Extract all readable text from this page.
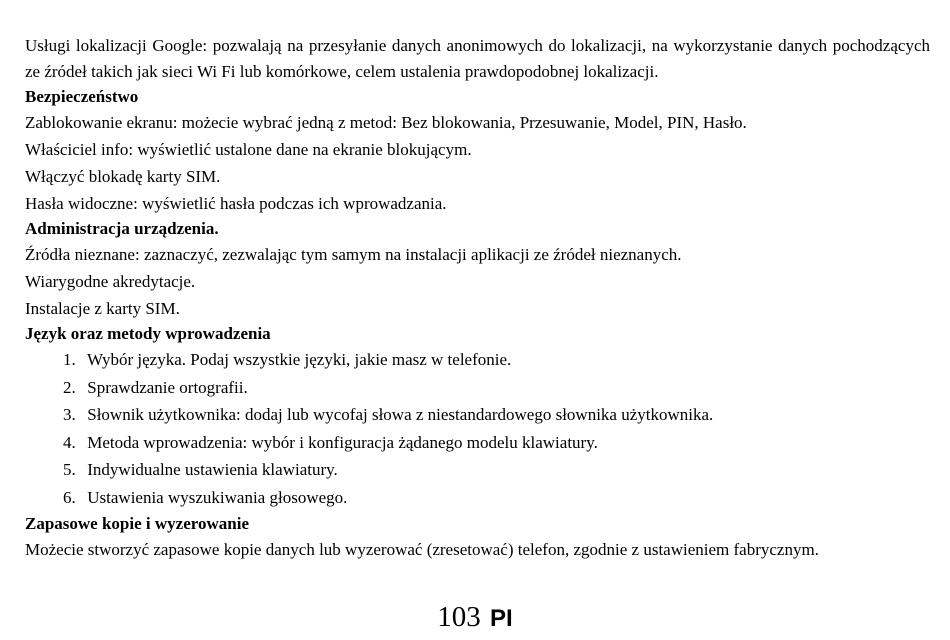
Usługi lokalizacji Google: pozwalają na przesyłanie danych anonimowych do lokalizacji, na wykorzystanie danych pochodzących ze źródeł takich jak sieci Wi Fi lub komórkowe, celem ustalenia prawdopodobnej lokalizacji.

Bezpieczeństwo
Zablokowanie ekranu: możecie wybrać jedną z metod: Bez blokowania, Przesuwanie, Model, PIN, Hasło.
Właściciel info: wyświetlić ustalone dane na ekranie blokującym.
Włączyć blokadę karty SIM.
Hasła widoczne: wyświetlić hasła podczas ich wprowadzania.
Administracja urządzenia.
Źródła nieznane: zaznaczyć, zezwalając tym samym na instalacji aplikacji ze źródeł nieznanych.
Wiarygodne akredytacje.
Instalacje z karty SIM.
Język oraz metody wprowadzenia
1. Wybór języka. Podaj wszystkie języki, jakie masz w telefonie.
2. Sprawdzanie ortografii.
3. Słownik użytkownika: dodaj lub wycofaj słowa z niestandardowego słownika użytkownika.
4. Metoda wprowadzenia: wybór i konfiguracja żądanego modelu klawiatury.
5. Indywidualne ustawienia klawiatury.
6. Ustawienia wyszukiwania głosowego.
Zapasowe kopie i wyzerowanie
Możecie stworzyć zapasowe kopie danych lub wyzerować (zresetować) telefon, zgodnie z ustawieniem fabrycznym.
103 PI
